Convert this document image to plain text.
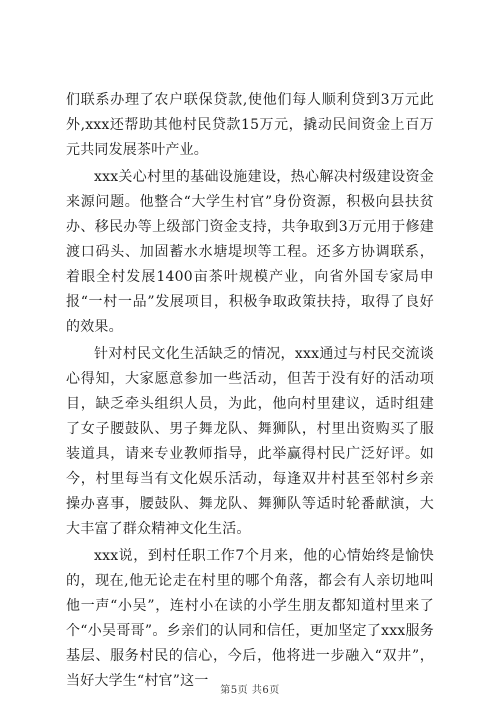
们联系办理了农户联保贷款,使他们每人顺利贷到3万元此外,xxx还帮助其他村民贷款15万元，撬动民间资金上百万元共同发展茶叶产业。

xxx关心村里的基础设施建设，热心解决村级建设资金来源问题。他整合“大学生村官”身份资源，积极向县扶贫办、移民办等上级部门资金支持，共争取到3万元用于修建渡口码头、加固蓄水水塘堤坝等工程。还多方协调联系，着眼全村发展1400亩茶叶规模产业，向省外国专家局申报“一村一品”发展项目，积极争取政策扶持，取得了良好的效果。

针对村民文化生活缺乏的情况，xxx通过与村民交流谈心得知，大家愿意参加一些活动，但苦于没有好的活动项目，缺乏牵头组织人员，为此，他向村里建议，适时组建了女子腰鼓队、男子舞龙队、舞狮队，村里出资购买了服装道具，请来专业教师指导，此举赢得村民广泛好评。如今，村里每当有文化娱乐活动，每逢双井村甚至邻村乡亲操办喜事，腰鼓队、舞龙队、舞狮队等适时轮番献演，大大丰富了群众精神文化生活。

xxx说，到村任职工作7个月来，他的心情始终是愉快的，现在,他无论走在村里的哪个角落，都会有人亲切地叫他一声“小吴”，连村小在读的小学生朋友都知道村里来了个“小吴哥哥”。乡亲们的认同和信任，更加坚定了xxx服务基层、服务村民的信心，今后，他将进一步融入“双井”，当好大学生“村官”这一

第5页 共6页
